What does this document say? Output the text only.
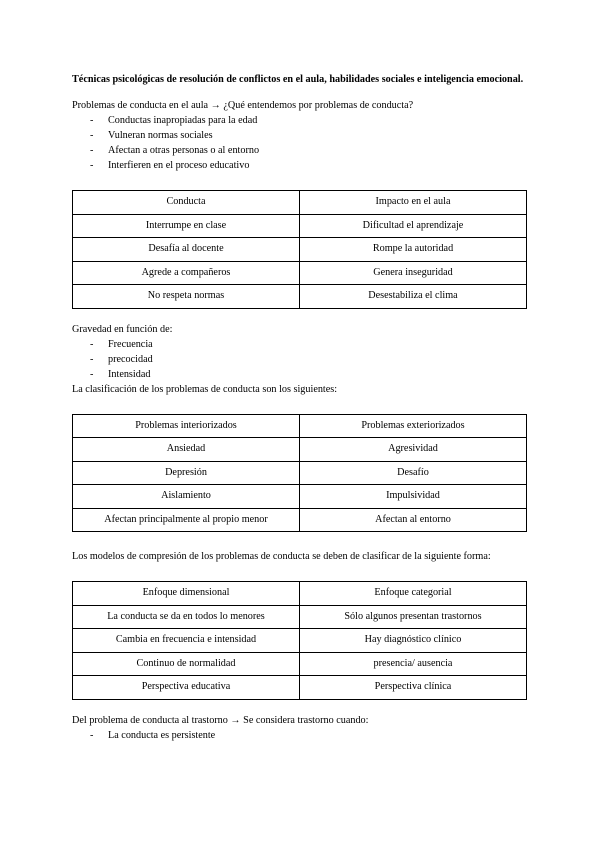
Técnicas psicológicas de resolución de conflictos en el aula, habilidades sociales e inteligencia emocional.

Problemas de conducta en el aula → ¿Qué entendemos por problemas de conducta?

- Conductas inapropiadas para la edad
- Vulneran normas sociales
- Afectan a otras personas o al entorno
- Interfieren en el proceso educativo
Conducta	Impacto en el aula
Interrumpe en clase	Dificultad el aprendizaje
Desafía al docente	Rompe la autoridad
Agrede a compañeros	Genera inseguridad
No respeta normas	Desestabiliza el clima

Gravedad en función de:

- Frecuencia
- precocidad
- Intensidad

La clasificación de los problemas de conducta son los siguientes:

Problemas interiorizados	Problemas exteriorizados
Ansiedad	Agresividad
Depresión	Desafío
Aislamiento	Impulsividad
Afectan principalmente al propio menor	Afectan al entorno

Los modelos de compresión de los problemas de conducta se deben de clasificar de la siguiente forma:

Enfoque dimensional	Enfoque categorial
La conducta se da en todos lo menores	Sólo algunos presentan trastornos
Cambia en frecuencia e intensidad	Hay diagnóstico clínico
Continuo de normalidad	presencia/ ausencia
Perspectiva educativa	Perspectiva clínica

Del problema de conducta al trastorno → Se considera trastorno cuando:

- La conducta es persistente
